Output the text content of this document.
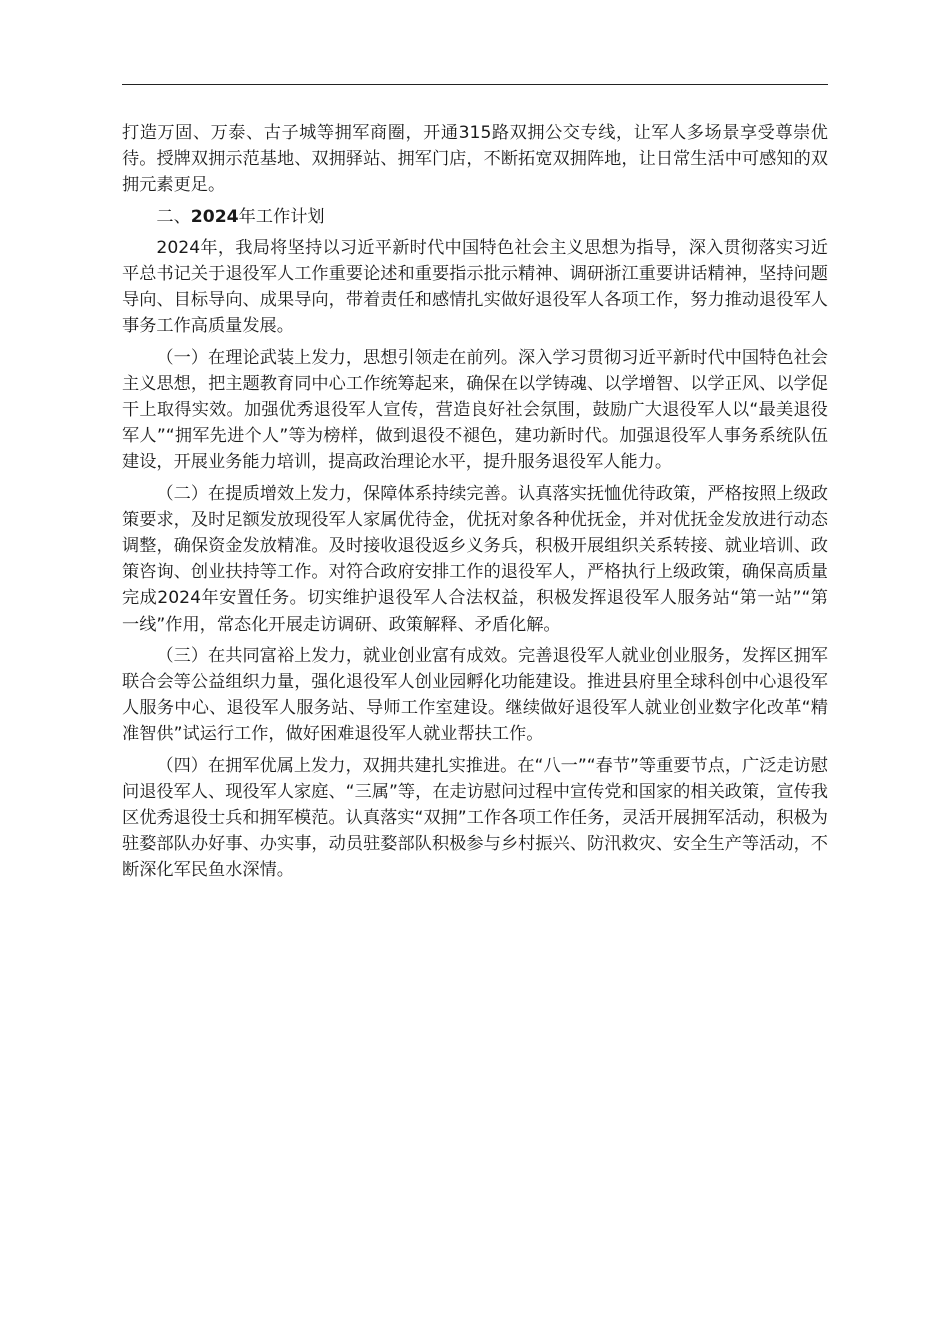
打造万固、万泰、古子城等拥军商圈，开通315路双拥公交专线，让军人多场景享受尊崇优待。授牌双拥示范基地、双拥驿站、拥军门店，不断拓宽双拥阵地，让日常生活中可感知的双拥元素更足。

二、2024年工作计划

2024年，我局将坚持以习近平新时代中国特色社会主义思想为指导，深入贯彻落实习近平总书记关于退役军人工作重要论述和重要指示批示精神、调研浙江重要讲话精神，坚持问题导向、目标导向、成果导向，带着责任和感情扎实做好退役军人各项工作，努力推动退役军人事务工作高质量发展。

（一）在理论武装上发力，思想引领走在前列。深入学习贯彻习近平新时代中国特色社会主义思想，把主题教育同中心工作统筹起来，确保在以学铸魂、以学增智、以学正风、以学促干上取得实效。加强优秀退役军人宣传，营造良好社会氛围，鼓励广大退役军人以“最美退役军人”“拥军先进个人”等为榜样，做到退役不褪色，建功新时代。加强退役军人事务系统队伍建设，开展业务能力培训，提高政治理论水平，提升服务退役军人能力。

（二）在提质增效上发力，保障体系持续完善。认真落实抚恤优待政策，严格按照上级政策要求，及时足额发放现役军人家属优待金，优抚对象各种优抚金，并对优抚金发放进行动态调整，确保资金发放精准。及时接收退役返乡义务兵，积极开展组织关系转接、就业培训、政策咨询、创业扶持等工作。对符合政府安排工作的退役军人，严格执行上级政策，确保高质量完成2024年安置任务。切实维护退役军人合法权益，积极发挥退役军人服务站“第一站”“第一线”作用，常态化开展走访调研、政策解释、矛盾化解。

（三）在共同富裕上发力，就业创业富有成效。完善退役军人就业创业服务，发挥区拥军联合会等公益组织力量，强化退役军人创业园孵化功能建设。推进县府里全球科创中心退役军人服务中心、退役军人服务站、导师工作室建设。继续做好退役军人就业创业数字化改革“精准智供”试运行工作，做好困难退役军人就业帮扶工作。

（四）在拥军优属上发力，双拥共建扎实推进。在“八一”“春节”等重要节点，广泛走访慰问退役军人、现役军人家庭、“三属”等，在走访慰问过程中宣传党和国家的相关政策，宣传我区优秀退役士兵和拥军模范。认真落实“双拥”工作各项工作任务，灵活开展拥军活动，积极为驻婺部队办好事、办实事，动员驻婺部队积极参与乡村振兴、防汛救灾、安全生产等活动，不断深化军民鱼水深情。
